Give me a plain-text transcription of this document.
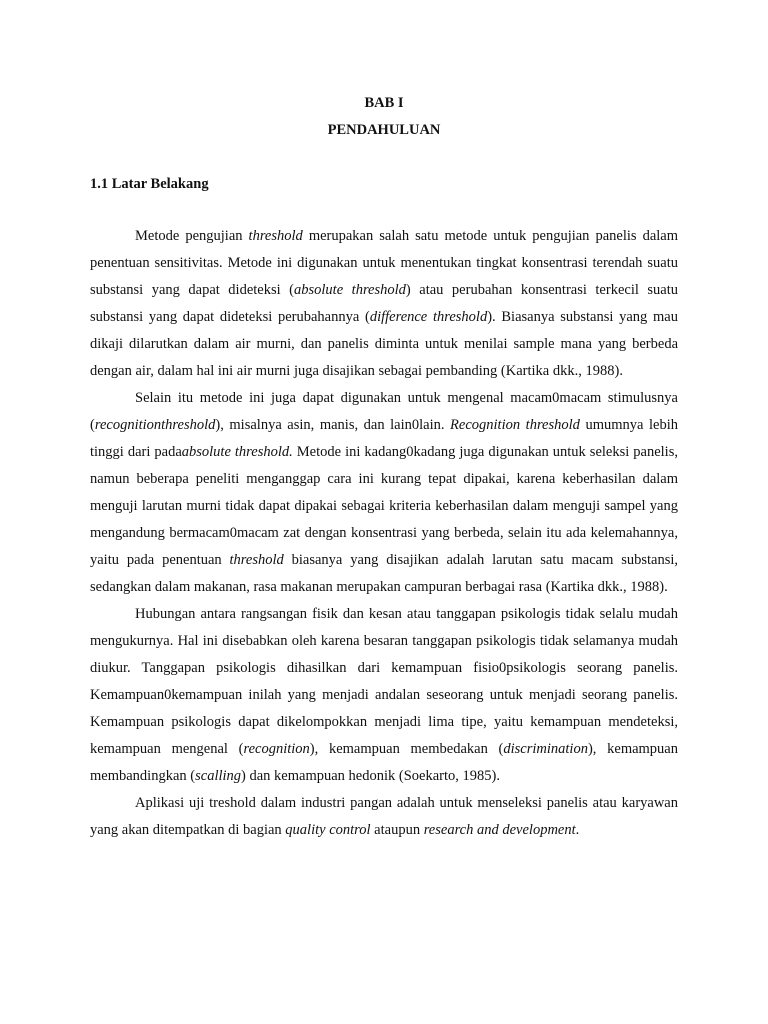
BAB I
PENDAHULUAN
1.1 Latar Belakang

Metode pengujian threshold merupakan salah satu metode untuk pengujian panelis dalam penentuan sensitivitas. Metode ini digunakan untuk menentukan tingkat konsentrasi terendah suatu substansi yang dapat dideteksi (absolute threshold) atau perubahan konsentrasi terkecil suatu substansi yang dapat dideteksi perubahannya (difference threshold). Biasanya substansi yang mau dikaji dilarutkan dalam air murni, dan panelis diminta untuk menilai sample mana yang berbeda dengan air, dalam hal ini air murni juga disajikan sebagai pembanding (Kartika dkk., 1988).

Selain itu metode ini juga dapat digunakan untuk mengenal macam0macam stimulusnya (recognitionthreshold), misalnya asin, manis, dan lain0lain. Recognition threshold umumnya lebih tinggi dari padaabsolute threshold. Metode ini kadang0kadang juga digunakan untuk seleksi panelis, namun beberapa peneliti menganggap cara ini kurang tepat dipakai, karena keberhasilan dalam menguji larutan murni tidak dapat dipakai sebagai kriteria keberhasilan dalam menguji sampel yang mengandung bermacam0macam zat dengan konsentrasi yang berbeda, selain itu ada kelemahannya, yaitu pada penentuan threshold biasanya yang disajikan adalah larutan satu macam substansi, sedangkan dalam makanan, rasa makanan merupakan campuran berbagai rasa (Kartika dkk., 1988).

Hubungan antara rangsangan fisik dan kesan atau tanggapan psikologis tidak selalu mudah mengukurnya. Hal ini disebabkan oleh karena besaran tanggapan psikologis tidak selamanya mudah diukur. Tanggapan psikologis dihasilkan dari kemampuan fisio0psikologis seorang panelis. Kemampuan0kemampuan inilah yang menjadi andalan seseorang untuk menjadi seorang panelis. Kemampuan psikologis dapat dikelompokkan menjadi lima tipe, yaitu kemampuan mendeteksi, kemampuan mengenal (recognition), kemampuan membedakan (discrimination), kemampuan membandingkan (scalling) dan kemampuan hedonik (Soekarto, 1985).

Aplikasi uji treshold dalam industri pangan adalah untuk menseleksi panelis atau karyawan yang akan ditempatkan di bagian quality control ataupun research and development.
